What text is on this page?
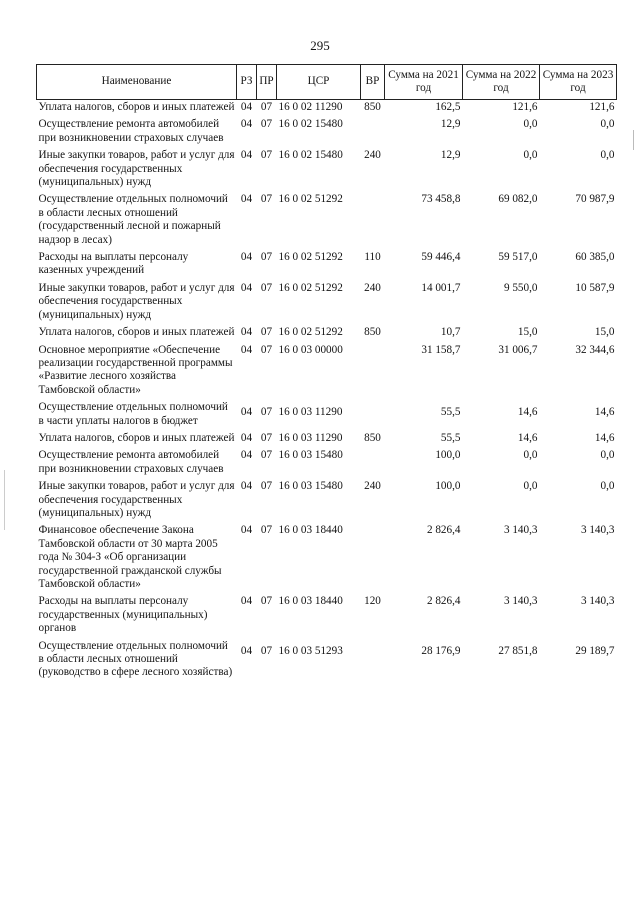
295
Наименование	РЗ	ПР	ЦСР	ВР	Сумма на 2021 год	Сумма на 2022 год	Сумма на 2023 год
Уплата налогов, сборов и иных платежей	04	07	16 0 02 11290	850	162,5	121,6	121,6
Осуществление ремонта автомобилей при возникновении страховых случаев	04	07	16 0 02 15480		12,9	0,0	0,0
Иные закупки товаров, работ и услуг для обеспечения государственных (муниципальных) нужд	04	07	16 0 02 15480	240	12,9	0,0	0,0
Осуществление отдельных полномочий в области лесных отношений (государственный лесной и пожарный надзор в лесах)	04	07	16 0 02 51292		73 458,8	69 082,0	70 987,9
Расходы на выплаты персоналу казенных учреждений	04	07	16 0 02 51292	110	59 446,4	59 517,0	60 385,0
Иные закупки товаров, работ и услуг для обеспечения государственных (муниципальных) нужд	04	07	16 0 02 51292	240	14 001,7	9 550,0	10 587,9
Уплата налогов, сборов и иных платежей	04	07	16 0 02 51292	850	10,7	15,0	15,0
Основное мероприятие «Обеспечение реализации государственной программы «Развитие лесного хозяйства Тамбовской области»	04	07	16 0 03 00000		31 158,7	31 006,7	32 344,6
Осуществление отдельных полномочий в части уплаты налогов в бюджет	04	07	16 0 03 11290		55,5	14,6	14,6
Уплата налогов, сборов и иных платежей	04	07	16 0 03 11290	850	55,5	14,6	14,6
Осуществление ремонта автомобилей при возникновении страховых случаев	04	07	16 0 03 15480		100,0	0,0	0,0
Иные закупки товаров, работ и услуг для обеспечения государственных (муниципальных) нужд	04	07	16 0 03 15480	240	100,0	0,0	0,0
Финансовое обеспечение Закона Тамбовской области от 30 марта 2005 года № 304-З «Об организации государственной гражданской службы Тамбовской области»	04	07	16 0 03 18440		2 826,4	3 140,3	3 140,3
Расходы на выплаты персоналу государственных (муниципальных) органов	04	07	16 0 03 18440	120	2 826,4	3 140,3	3 140,3
Осуществление отдельных полномочий в области лесных отношений (руководство в сфере лесного хозяйства)	04	07	16 0 03 51293		28 176,9	27 851,8	29 189,7
